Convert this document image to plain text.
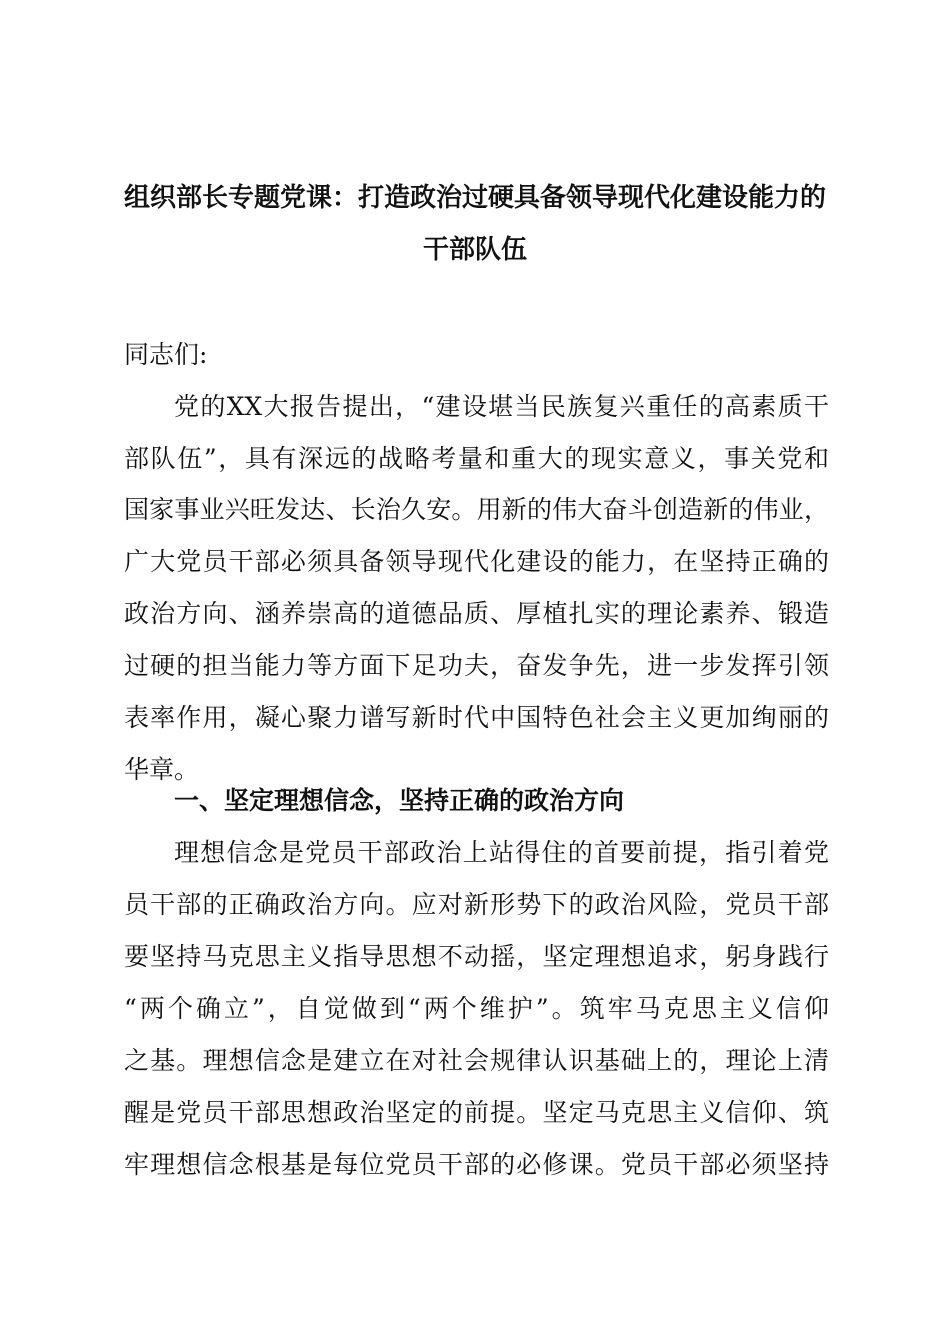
组织部长专题党课：打造政治过硬具备领导现代化建设能力的
干部队伍
同志们:
党的XX大报告提出，“建设堪当民族复兴重任的高素质干
部队伍”，具有深远的战略考量和重大的现实意义，事关党和
国家事业兴旺发达、长治久安。用新的伟大奋斗创造新的伟业，
广大党员干部必须具备领导现代化建设的能力，在坚持正确的
政治方向、涵养崇高的道德品质、厚植扎实的理论素养、锻造
过硬的担当能力等方面下足功夫，奋发争先，进一步发挥引领
表率作用，凝心聚力谱写新时代中国特色社会主义更加绚丽的
华章。
一、坚定理想信念，坚持正确的政治方向
理想信念是党员干部政治上站得住的首要前提，指引着党
员干部的正确政治方向。应对新形势下的政治风险，党员干部
要坚持马克思主义指导思想不动摇，坚定理想追求，躬身践行
“两个确立”，自觉做到“两个维护”。筑牢马克思主义信仰
之基。理想信念是建立在对社会规律认识基础上的，理论上清
醒是党员干部思想政治坚定的前提。坚定马克思主义信仰、筑
牢理想信念根基是每位党员干部的必修课。党员干部必须坚持
